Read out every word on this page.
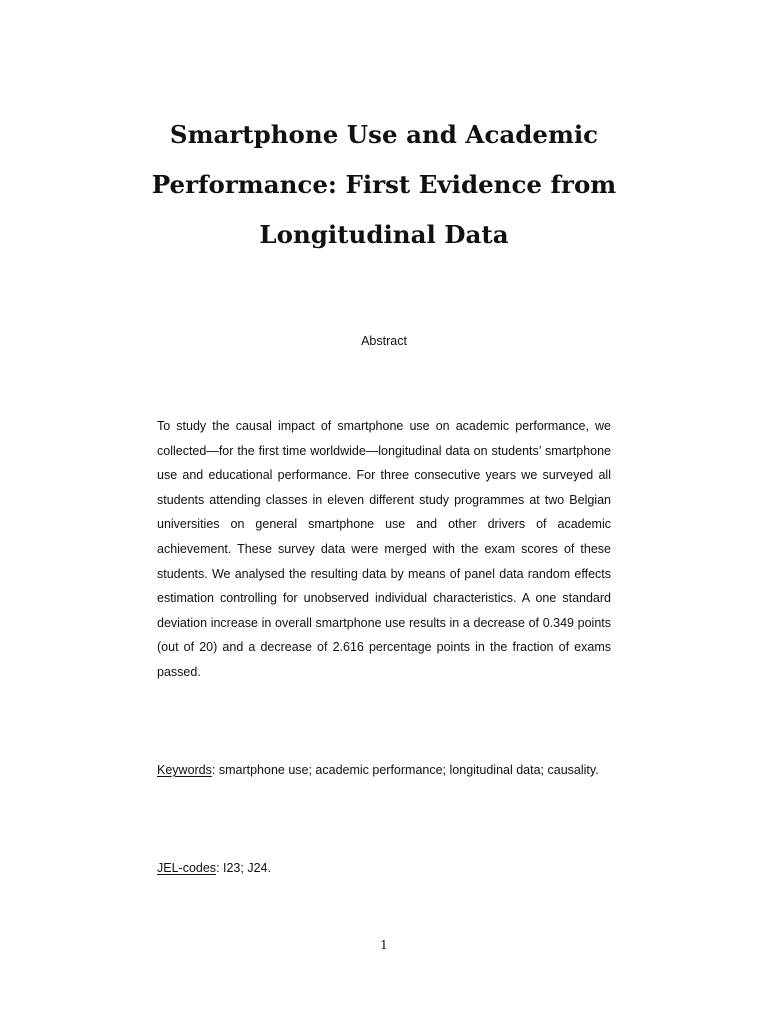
Smartphone Use and Academic Performance: First Evidence from Longitudinal Data
Abstract

To study the causal impact of smartphone use on academic performance, we collected—for the first time worldwide—longitudinal data on students’ smartphone use and educational performance. For three consecutive years we surveyed all students attending classes in eleven different study programmes at two Belgian universities on general smartphone use and other drivers of academic achievement. These survey data were merged with the exam scores of these students. We analysed the resulting data by means of panel data random effects estimation controlling for unobserved individual characteristics. A one standard deviation increase in overall smartphone use results in a decrease of 0.349 points (out of 20) and a decrease of 2.616 percentage points in the fraction of exams passed.

Keywords: smartphone use; academic performance; longitudinal data; causality.

JEL-codes: I23; J24.

1
